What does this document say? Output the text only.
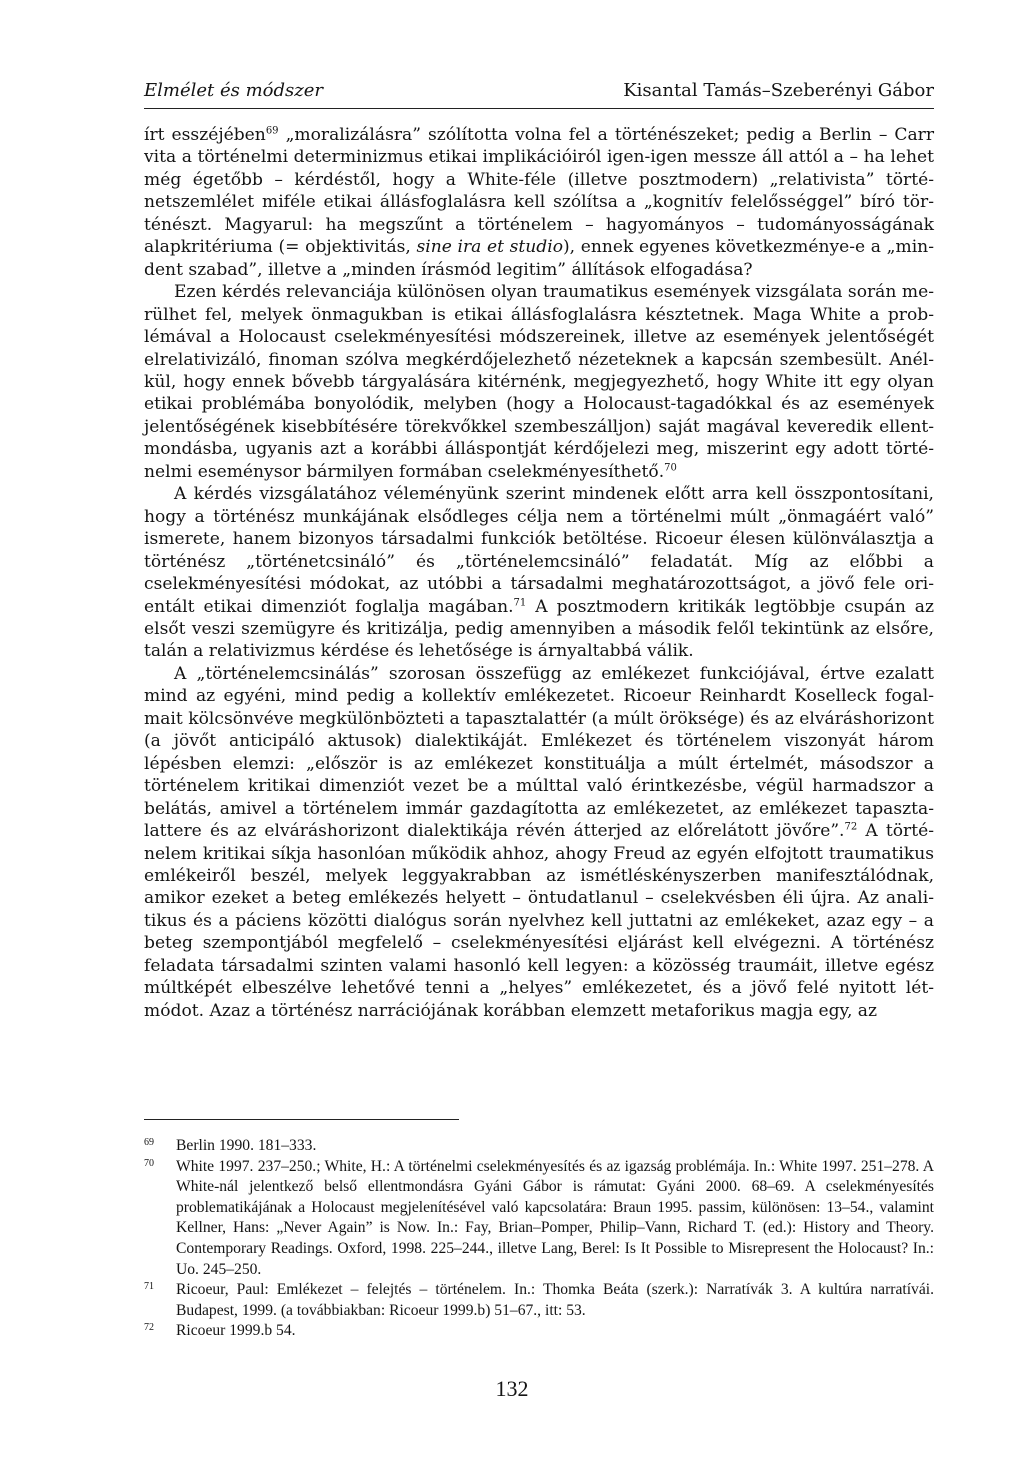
Elmélet és módszer	Kisantal Tamás–Szeberényi Gábor

írt esszéjében$^{69}$ „moralizálásra” szólította volna fel a történészeket; pedig a Berlin – Carr vita a történelmi determinizmus etikai implikációiról igen-igen messze áll attól a – ha lehet még égetőbb – kérdéstől, hogy a White-féle (illetve posztmodern) „relativista” történetszemlélet miféle etikai állásfoglalásra kell szólítsa a „kognitív felelősséggel” bíró történészt. Magyarul: ha megszűnt a történelem – hagyományos – tudományosságának alapkritériuma (= objektivitás, sine ira et studio), ennek egyenes következménye-e a „mindent szabad”, illetve a „minden írásmód legitim” állítások elfogadása?

Ezen kérdés relevanciája különösen olyan traumatikus események vizsgálata során merülhet fel, melyek önmagukban is etikai állásfoglalásra késztetnek. Maga White a problémával a Holocaust cselekményesítési módszereinek, illetve az események jelentőségét elrelativizáló, finoman szólva megkérdőjelezhető nézeteknek a kapcsán szembesült. Anélkül, hogy ennek bővebb tárgyalására kitérnénk, megjegyezhető, hogy White itt egy olyan etikai problémába bonyolódik, melyben (hogy a Holocaust-tagadókkal és az események jelentőségének kisebbítésére törekvőkkel szembeszálljon) saját magával keveredik ellentmondásba, ugyanis azt a korábbi álláspontját kérdőjelezi meg, miszerint egy adott történelmi eseménysor bármilyen formában cselekményesíthető.$^{70}$

A kérdés vizsgálatához véleményünk szerint mindenek előtt arra kell összpontosítani, hogy a történész munkájának elsődleges célja nem a történelmi múlt „önmagáért való” ismerete, hanem bizonyos társadalmi funkciók betöltése. Ricoeur élesen különválasztja a történész „történetcsináló” és „történelemcsináló” feladatát. Míg az előbbi a cselekményesítési módokat, az utóbbi a társadalmi meghatározottságot, a jövő fele orientált etikai dimenziót foglalja magában.$^{71}$ A posztmodern kritikák legtöbbje csupán az elsőt veszi szemügyre és kritizálja, pedig amennyiben a második felől tekintünk az elsőre, talán a relativizmus kérdése és lehetősége is árnyaltabbá válik.

A „történelemcsinálás” szorosan összefügg az emlékezet funkciójával, értve ezalatt mind az egyéni, mind pedig a kollektív emlékezetet. Ricoeur Reinhardt Koselleck fogalmait kölcsönvéve megkülönbözteti a tapasztalattér (a múlt öröksége) és az elváráshorizont (a jövőt anticipáló aktusok) dialektikáját. Emlékezet és történelem viszonyát három lépésben elemzi: „először is az emlékezet konstituálja a múlt értelmét, másodszor a történelem kritikai dimenziót vezet be a múlttal való érintkezésbe, végül harmadszor a belátás, amivel a történelem immár gazdagította az emlékezetet, az emlékezet tapasztalattere és az elváráshorizont dialektikája révén átterjed az előrelátott jövőre”.$^{72}$ A történelem kritikai síkja hasonlóan működik ahhoz, ahogy Freud az egyén elfojtott traumatikus emlékeiről beszél, melyek leggyakrabban az ismétléskényszerben manifesztálódnak, amikor ezeket a beteg emlékezés helyett – öntudatlanul – cselekvésben éli újra. Az analitikus és a páciens közötti dialógus során nyelvhez kell juttatni az emlékeket, azaz egy – a beteg szempontjából megfelelő – cselekményesítési eljárást kell elvégezni. A történész feladata társadalmi szinten valami hasonló kell legyen: a közösség traumáit, illetve egész múltképét elbeszélve lehetővé tenni a „helyes” emlékezetet, és a jövő felé nyitott létmódot. Azaz a történész narrációjának korábban elemzett metaforikus magja egy, az

69 Berlin 1990. 181–333.
70 White 1997. 237–250.; White, H.: A történelmi cselekményesítés és az igazság problémája. In.: White 1997. 251–278. A White-nál jelentkező belső ellentmondásra Gyáni Gábor is rámutat: Gyáni 2000. 68–69. A cselekményesítés problematikájának a Holocaust megjelenítésével való kapcsolatára: Braun 1995. passim, különösen: 13–54., valamint Kellner, Hans: „Never Again” is Now. In.: Fay, Brian–Pomper, Philip–Vann, Richard T. (ed.): History and Theory. Contemporary Readings. Oxford, 1998. 225–244., illetve Lang, Berel: Is It Possible to Misrepresent the Holocaust? In.: Uo. 245–250.
71 Ricoeur, Paul: Emlékezet – felejtés – történelem. In.: Thomka Beáta (szerk.): Narratívák 3. A kultúra narratívái. Budapest, 1999. (a továbbiakban: Ricoeur 1999.b) 51–67., itt: 53.
72 Ricoeur 1999.b 54.
132
